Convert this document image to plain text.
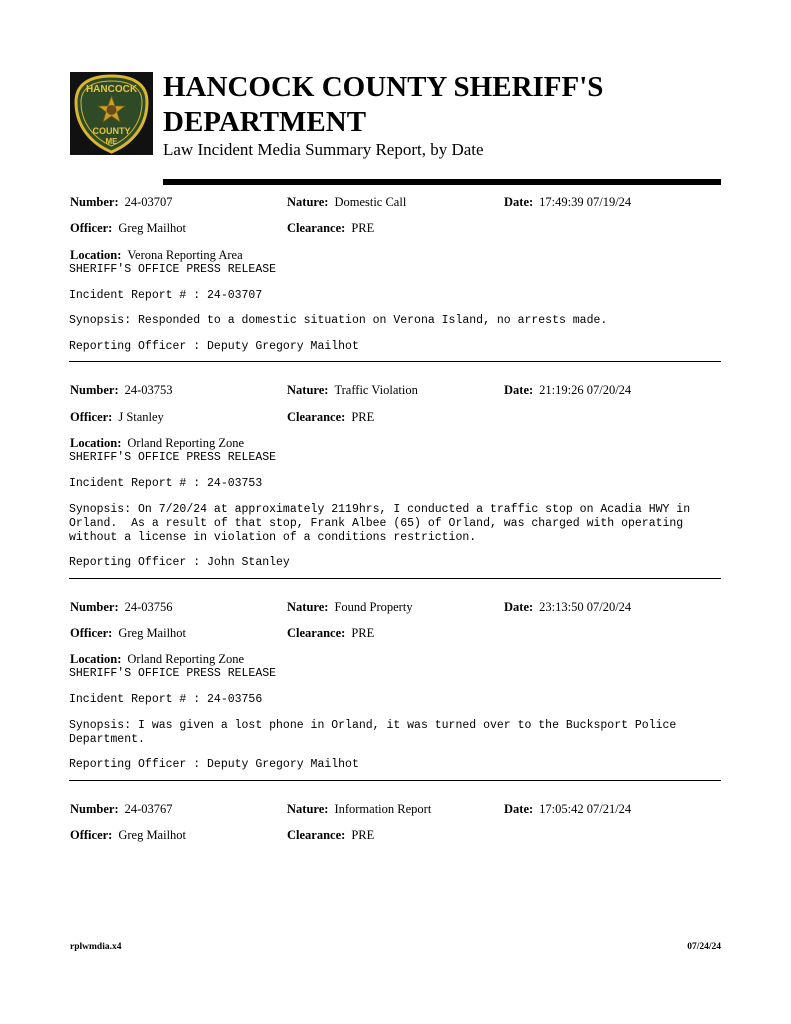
HANCOCK
COUNTY
ME
HANCOCK COUNTY SHERIFF'S
DEPARTMENT
Law Incident Media Summary Report, by Date
Number: 24-03707	Nature: Domestic Call	Date: 17:49:39 07/19/24
Officer: Greg Mailhot	Clearance: PRE
Location: Verona Reporting Area
SHERIFF'S OFFICE PRESS RELEASE
Incident Report # : 24-03707
Synopsis: Responded to a domestic situation on Verona Island, no arrests made.
Reporting Officer : Deputy Gregory Mailhot
Number: 24-03753	Nature: Traffic Violation	Date: 21:19:26 07/20/24
Officer: J Stanley	Clearance: PRE
Location: Orland Reporting Zone
SHERIFF'S OFFICE PRESS RELEASE
Incident Report # : 24-03753
Synopsis: On 7/20/24 at approximately 2119hrs, I conducted a traffic stop on Acadia HWY in
Orland.  As a result of that stop, Frank Albee (65) of Orland, was charged with operating
without a license in violation of a conditions restriction.
Reporting Officer : John Stanley
Number: 24-03756	Nature: Found Property	Date: 23:13:50 07/20/24
Officer: Greg Mailhot	Clearance: PRE
Location: Orland Reporting Zone
SHERIFF'S OFFICE PRESS RELEASE
Incident Report # : 24-03756
Synopsis: I was given a lost phone in Orland, it was turned over to the Bucksport Police
Department.
Reporting Officer : Deputy Gregory Mailhot
Number: 24-03767	Nature: Information Report	Date: 17:05:42 07/21/24
Officer: Greg Mailhot	Clearance: PRE
rplwmdia.x4	07/24/24
